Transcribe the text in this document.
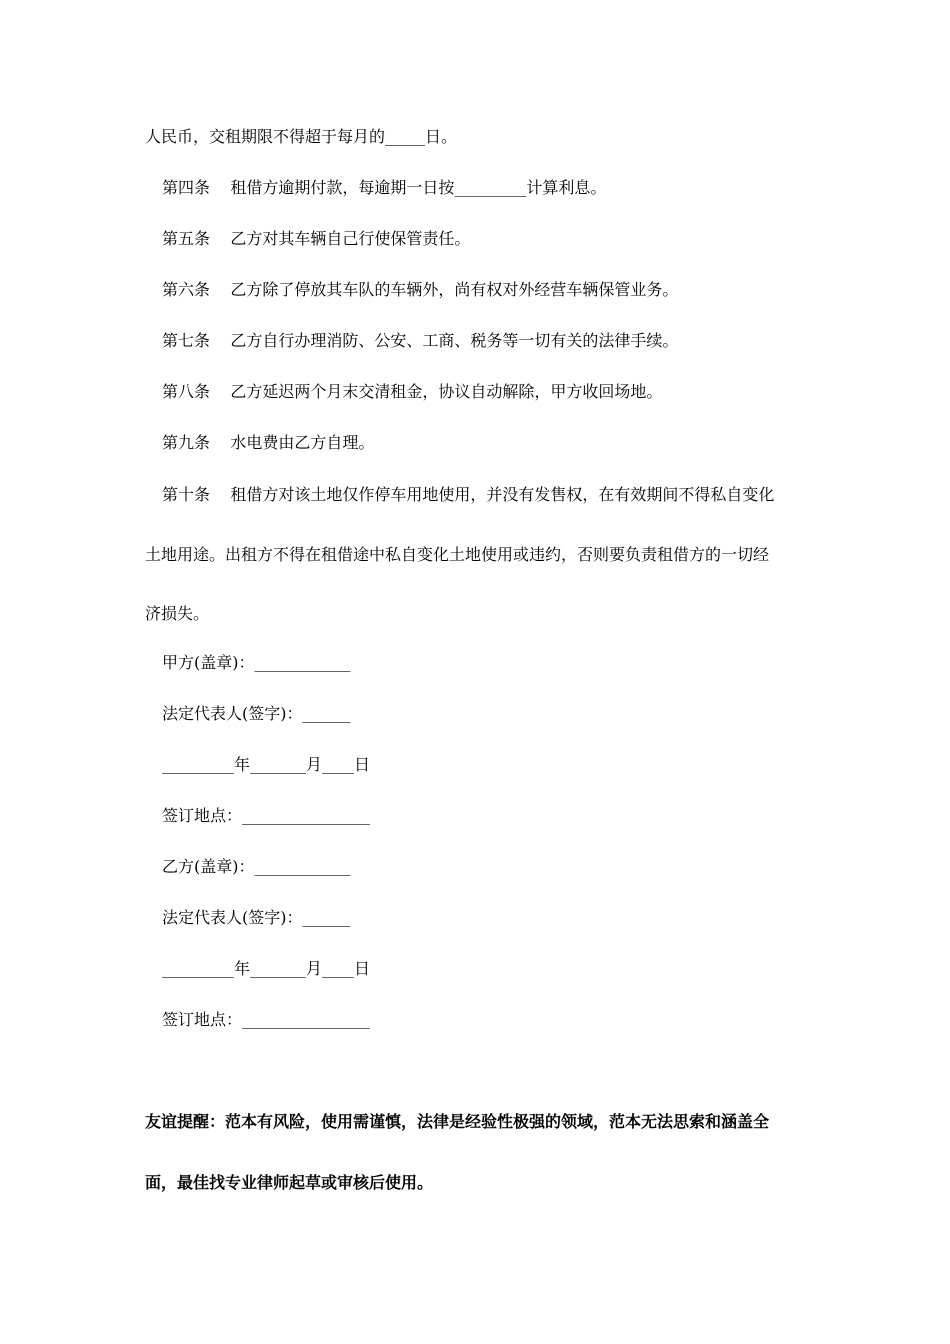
人民币，交租期限不得超于每月的_____日。
第四条    租借方逾期付款，每逾期一日按_________计算利息。
第五条    乙方对其车辆自己行使保管责任。
第六条    乙方除了停放其车队的车辆外，尚有权对外经营车辆保管业务。
第七条    乙方自行办理消防、公安、工商、税务等一切有关的法律手续。
第八条    乙方延迟两个月末交清租金，协议自动解除，甲方收回场地。
第九条    水电费由乙方自理。
第十条    租借方对该土地仅作停车用地使用，并没有发售权，在有效期间不得私自变化
土地用途。出租方不得在租借途中私自变化土地使用或违约，否则要负责租借方的一切经
济损失。
甲方(盖章)：____________
法定代表人(签字)：______
_________年_______月____日
签订地点：________________
乙方(盖章)：____________
法定代表人(签字)：______
_________年_______月____日
签订地点：________________
友谊提醒：范本有风险，使用需谨慎，法律是经验性极强的领域，范本无法思索和涵盖全
面，最佳找专业律师起草或审核后使用。
